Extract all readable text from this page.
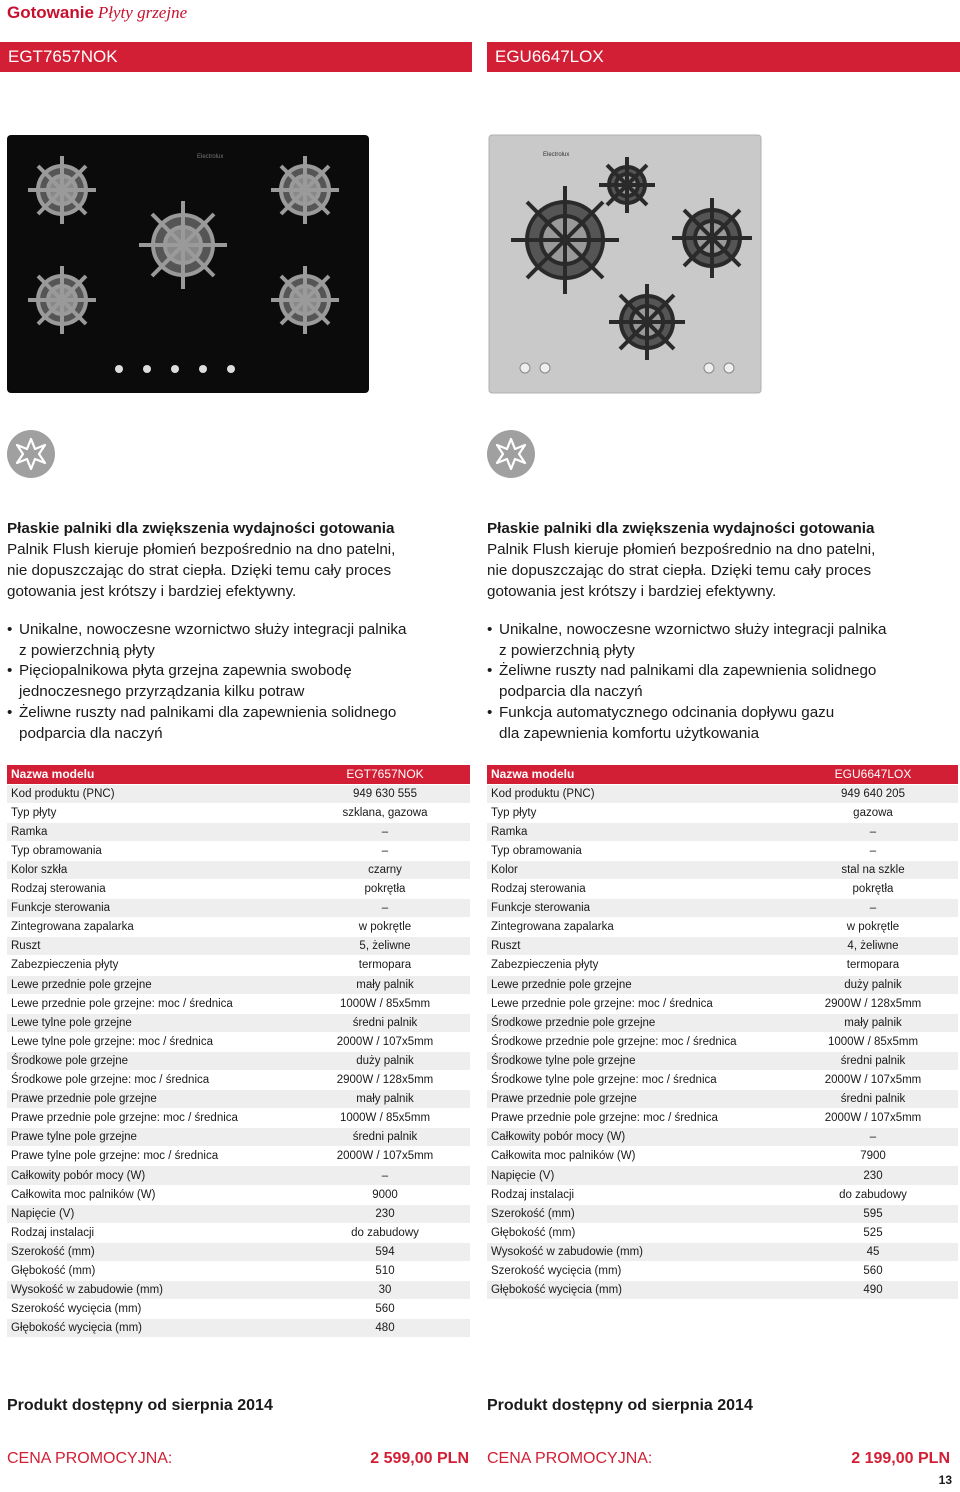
Gotowanie Płyty grzejne
EGT7657NOK
Electrolux
Płaskie palniki dla zwiększenia wydajności gotowania

Palnik Flush kieruje płomień bezpośrednio na dno patelni,
nie dopuszczając do strat ciepła. Dzięki temu cały proces
gotowania jest krótszy i bardziej efektywny.

• Unikalne, nowoczesne wzornictwo służy integracji palnika
z powierzchnią płyty
• Pięciopalnikowa płyta grzejna zapewnia swobodę
jednoczesnego przyrządzania kilku potraw
• Żeliwne ruszty nad palnikami dla zapewnienia solidnego
podparcia dla naczyń
Nazwa modelu	EGT7657NOK
Kod produktu (PNC)	949 630 555
Typ płyty	szklana, gazowa
Ramka	–
Typ obramowania	–
Kolor szkła	czarny
Rodzaj sterowania	pokrętła
Funkcje sterowania	–
Zintegrowana zapalarka	w pokrętle
Ruszt	5, żeliwne
Zabezpieczenia płyty	termopara
Lewe przednie pole grzejne	mały palnik
Lewe przednie pole grzejne: moc / średnica	1000W / 85x5mm
Lewe tylne pole grzejne	średni palnik
Lewe tylne pole grzejne: moc / średnica	2000W / 107x5mm
Środkowe pole grzejne	duży palnik
Środkowe pole grzejne: moc / średnica	2900W / 128x5mm
Prawe przednie pole grzejne	mały palnik
Prawe przednie pole grzejne: moc / średnica	1000W / 85x5mm
Prawe tylne pole grzejne	średni palnik
Prawe tylne pole grzejne: moc / średnica	2000W / 107x5mm
Całkowity pobór mocy (W)	–
Całkowita moc palników (W)	9000
Napięcie (V)	230
Rodzaj instalacji	do zabudowy
Szerokość (mm)	594
Głębokość (mm)	510
Wysokość w zabudowie (mm)	30
Szerokość wycięcia (mm)	560
Głębokość wycięcia (mm)	480
Produkt dostępny od sierpnia 2014
CENA PROMOCYJNA:	2 599,00 PLN
EGU6647LOX
Electrolux
Płaskie palniki dla zwiększenia wydajności gotowania

Palnik Flush kieruje płomień bezpośrednio na dno patelni,
nie dopuszczając do strat ciepła. Dzięki temu cały proces
gotowania jest krótszy i bardziej efektywny.

• Unikalne, nowoczesne wzornictwo służy integracji palnika
z powierzchnią płyty
• Żeliwne ruszty nad palnikami dla zapewnienia solidnego
podparcia dla naczyń
• Funkcja automatycznego odcinania dopływu gazu
dla zapewnienia komfortu użytkowania
Nazwa modelu	EGU6647LOX
Kod produktu (PNC)	949 640 205
Typ płyty	gazowa
Ramka	–
Typ obramowania	–
Kolor	stal na szkle
Rodzaj sterowania	pokrętła
Funkcje sterowania	–
Zintegrowana zapalarka	w pokrętle
Ruszt	4, żeliwne
Zabezpieczenia płyty	termopara
Lewe przednie pole grzejne	duży palnik
Lewe przednie pole grzejne: moc / średnica	2900W / 128x5mm
Środkowe przednie pole grzejne	mały palnik
Środkowe przednie pole grzejne: moc / średnica	1000W / 85x5mm
Środkowe tylne pole grzejne	średni palnik
Środkowe tylne pole grzejne: moc / średnica	2000W / 107x5mm
Prawe przednie pole grzejne	średni palnik
Prawe przednie pole grzejne: moc / średnica	2000W / 107x5mm
Całkowity pobór mocy (W)	–
Całkowita moc palników (W)	7900
Napięcie (V)	230
Rodzaj instalacji	do zabudowy
Szerokość (mm)	595
Głębokość (mm)	525
Wysokość w zabudowie (mm)	45
Szerokość wycięcia (mm)	560
Głębokość wycięcia (mm)	490
Produkt dostępny od sierpnia 2014
CENA PROMOCYJNA:	2 199,00 PLN
13
